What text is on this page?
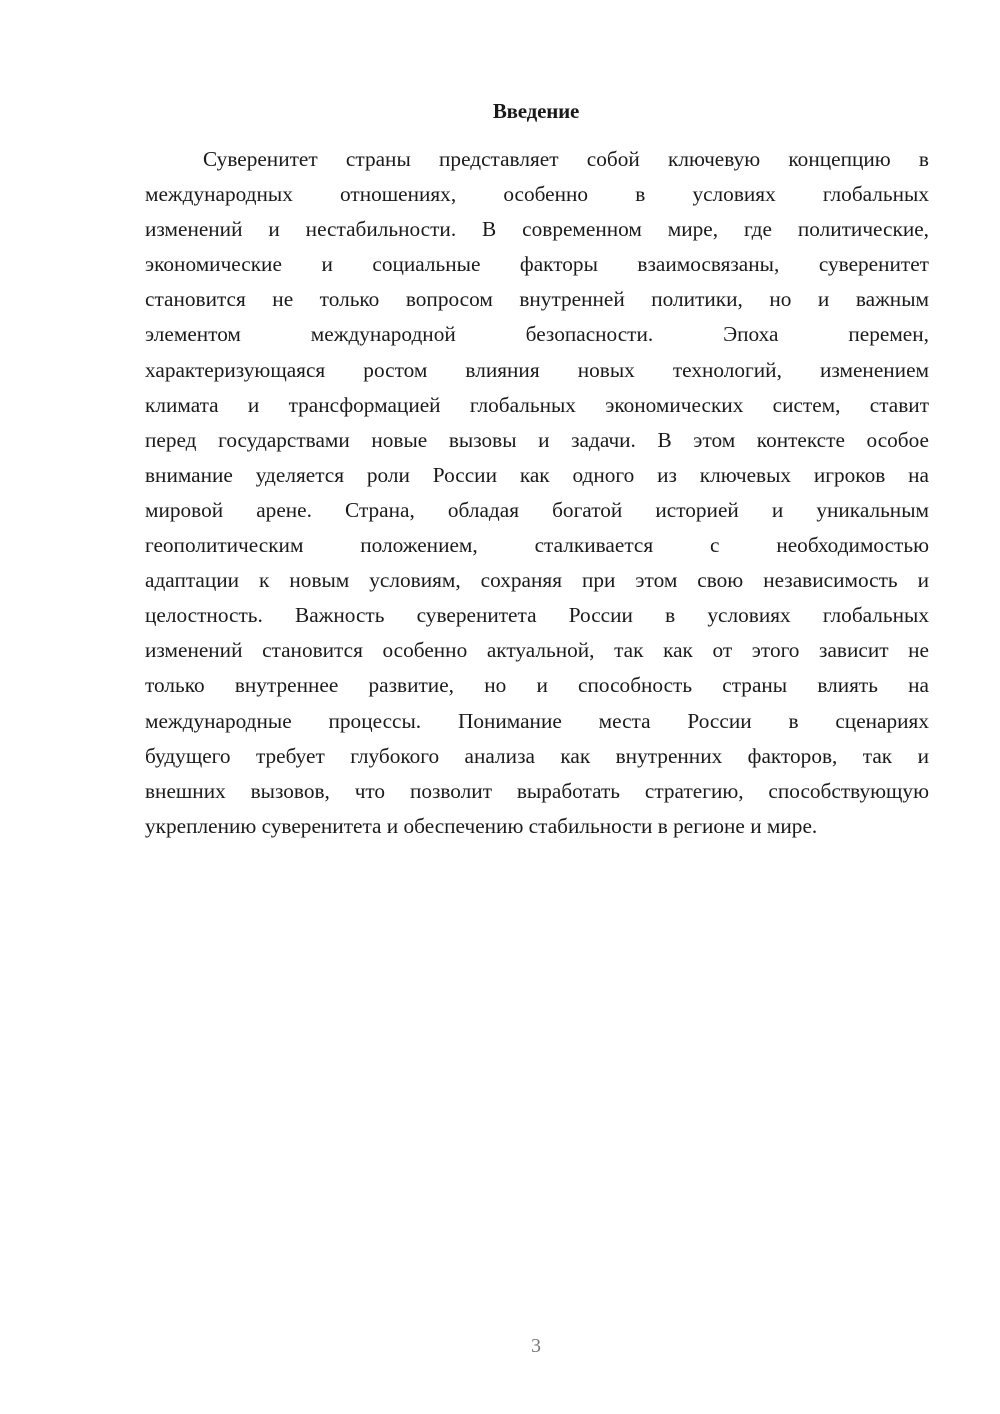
Введение
Суверенитет страны представляет собой ключевую концепцию в
международных отношениях, особенно в условиях глобальных
изменений и нестабильности. В современном мире, где политические,
экономические и социальные факторы взаимосвязаны, суверенитет
становится не только вопросом внутренней политики, но и важным
элементом международной безопасности. Эпоха перемен,
характеризующаяся ростом влияния новых технологий, изменением
климата и трансформацией глобальных экономических систем, ставит
перед государствами новые вызовы и задачи. В этом контексте особое
внимание уделяется роли России как одного из ключевых игроков на
мировой арене. Страна, обладая богатой историей и уникальным
геополитическим положением, сталкивается с необходимостью
адаптации к новым условиям, сохраняя при этом свою независимость и
целостность. Важность суверенитета России в условиях глобальных
изменений становится особенно актуальной, так как от этого зависит не
только внутреннее развитие, но и способность страны влиять на
международные процессы. Понимание места России в сценариях
будущего требует глубокого анализа как внутренних факторов, так и
внешних вызовов, что позволит выработать стратегию, способствующую
укреплению суверенитета и обеспечению стабильности в регионе и мире.
3
